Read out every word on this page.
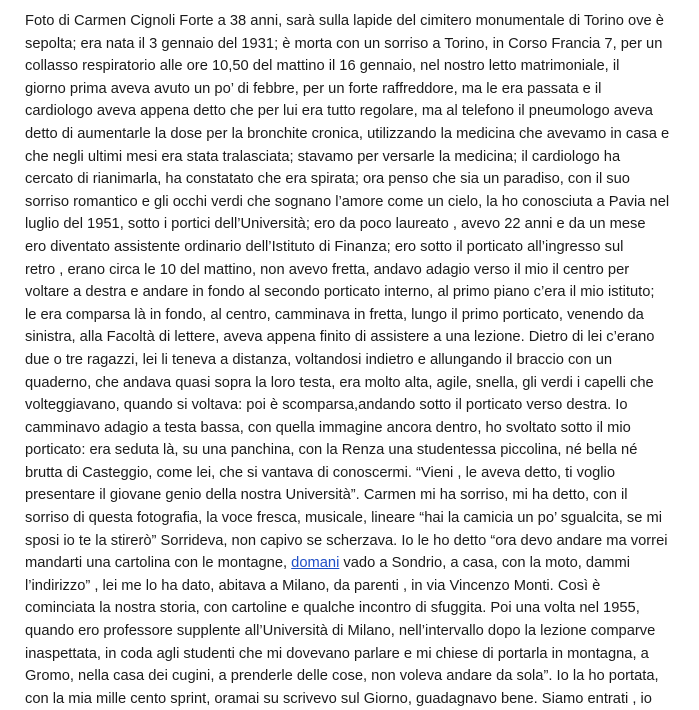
Foto di Carmen Cignoli Forte a 38 anni, sarà sulla lapide del cimitero monumentale di Torino ove è
sepolta; era nata il 3 gennaio del 1931; è morta con un sorriso a Torino, in Corso Francia 7, per un
collasso respiratorio alle ore 10,50 del mattino il 16 gennaio, nel nostro letto matrimoniale, il
giorno prima aveva avuto un po’ di febbre, per un forte raffreddore, ma le era passata e il
cardiologo aveva appena detto che per lui era tutto regolare, ma al telefono il pneumologo aveva
detto di aumentarle la dose per la bronchite cronica, utilizzando la medicina che avevamo in casa e
che negli ultimi mesi era stata tralasciata; stavamo per versarle la medicina; il cardiologo ha
cercato di rianimarla, ha constatato che era spirata; ora penso che sia un paradiso, con il suo
sorriso romantico e gli occhi verdi che sognano l’amore come un cielo, la ho conosciuta a Pavia nel
luglio del 1951, sotto i portici dell’Università; ero da poco laureato , avevo 22 anni e da un mese
ero diventato assistente ordinario dell’Istituto di Finanza; ero sotto il porticato all’ingresso sul
retro , erano circa le 10 del mattino, non avevo fretta, andavo adagio verso il mio il centro per
voltare a destra e andare in fondo al secondo porticato interno, al primo piano c’era il mio istituto;
le era comparsa là in fondo, al centro, camminava in fretta, lungo il primo porticato, venendo da
sinistra, alla Facoltà di lettere, aveva appena finito di assistere a una lezione. Dietro di lei c’erano
due o tre ragazzi, lei li teneva a distanza, voltandosi indietro e allungando il braccio con un
quaderno, che andava quasi sopra la loro testa, era molto alta, agile, snella, gli verdi i capelli che
volteggiavano, quando si voltava: poi è scomparsa,andando sotto il porticato verso destra. Io
camminavo adagio a testa bassa, con quella immagine ancora dentro, ho svoltato sotto il mio
porticato: era seduta là, su una panchina, con la Renza una studentessa piccolina, né bella né
brutta di Casteggio, come lei, che si vantava di conoscermi. “Vieni , le aveva detto, ti voglio
presentare il giovane genio della nostra Università”. Carmen mi ha sorriso, mi ha detto, con il
sorriso di questa fotografia, la voce fresca, musicale, lineare “hai la camicia un po’ sgualcita, se mi
sposi io te la stirerò” Sorrideva, non capivo se scherzava. Io le ho detto “ora devo andare ma vorrei
mandarti una cartolina con le montagne, domani vado a Sondrio, a casa, con la moto, dammi
l’indirizzo” , lei me lo ha dato, abitava a Milano, da parenti , in via Vincenzo Monti. Così è
cominciata la nostra storia, con cartoline e qualche incontro di sfuggita. Poi una volta nel 1955,
quando ero professore supplente all’Università di Milano, nell’intervallo dopo la lezione comparve
inaspettata, in coda agli studenti che mi dovevano parlare e mi chiese di portarla in montagna, a
Gromo, nella casa dei cugini, a prenderle delle cose, non voleva andare da sola”. Io la ho portata,
con la mia mille cento sprint, oramai su scrivevo sul Giorno, guadagnavo bene. Siamo entrati , io
